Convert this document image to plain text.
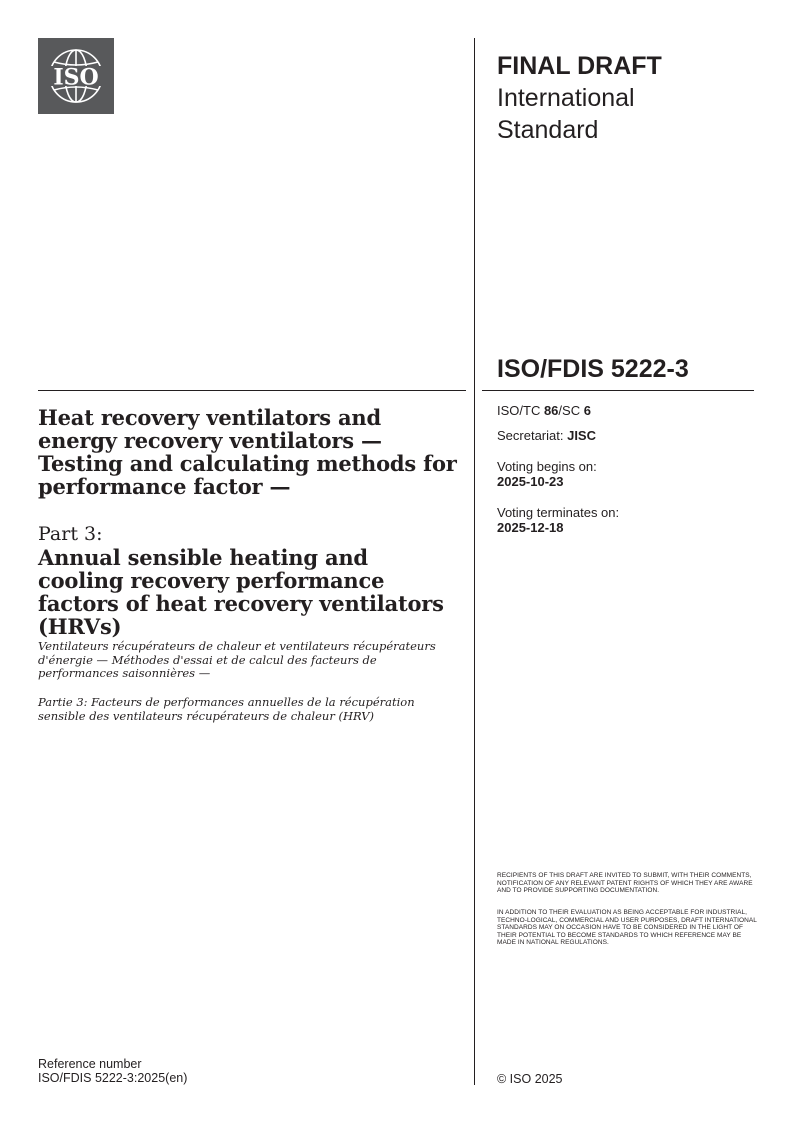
ISO	FINAL DRAFT
International
Standard
ISO/FDIS 5222-3
ISO/TC 86/SC 6
Secretariat: JISC
Voting begins on:
2025-10-23
Voting terminates on:
2025-12-18
Heat recovery ventilators and energy recovery ventilators — Testing and calculating methods for performance factor —
Part 3:
Annual sensible heating and cooling recovery performance factors of heat recovery ventilators (HRVs)
Ventilateurs récupérateurs de chaleur et ventilateurs récupérateurs d'énergie — Méthodes d'essai et de calcul des facteurs de performances saisonnières —
Partie 3: Facteurs de performances annuelles de la récupération sensible des ventilateurs récupérateurs de chaleur (HRV)
RECIPIENTS OF THIS DRAFT ARE INVITED TO SUBMIT, WITH THEIR COMMENTS, NOTIFICATION OF ANY RELEVANT PATENT RIGHTS OF WHICH THEY ARE AWARE AND TO PROVIDE SUPPORTING DOCUMENTATION.
IN ADDITION TO THEIR EVALUATION AS BEING ACCEPTABLE FOR INDUSTRIAL, TECHNO-LOGICAL, COMMERCIAL AND USER PURPOSES, DRAFT INTERNATIONAL STANDARDS MAY ON OCCASION HAVE TO BE CONSIDERED IN THE LIGHT OF THEIR POTENTIAL TO BECOME STANDARDS TO WHICH REFERENCE MAY BE MADE IN NATIONAL REGULATIONS.
Reference number
ISO/FDIS 5222-3:2025(en)	© ISO 2025
